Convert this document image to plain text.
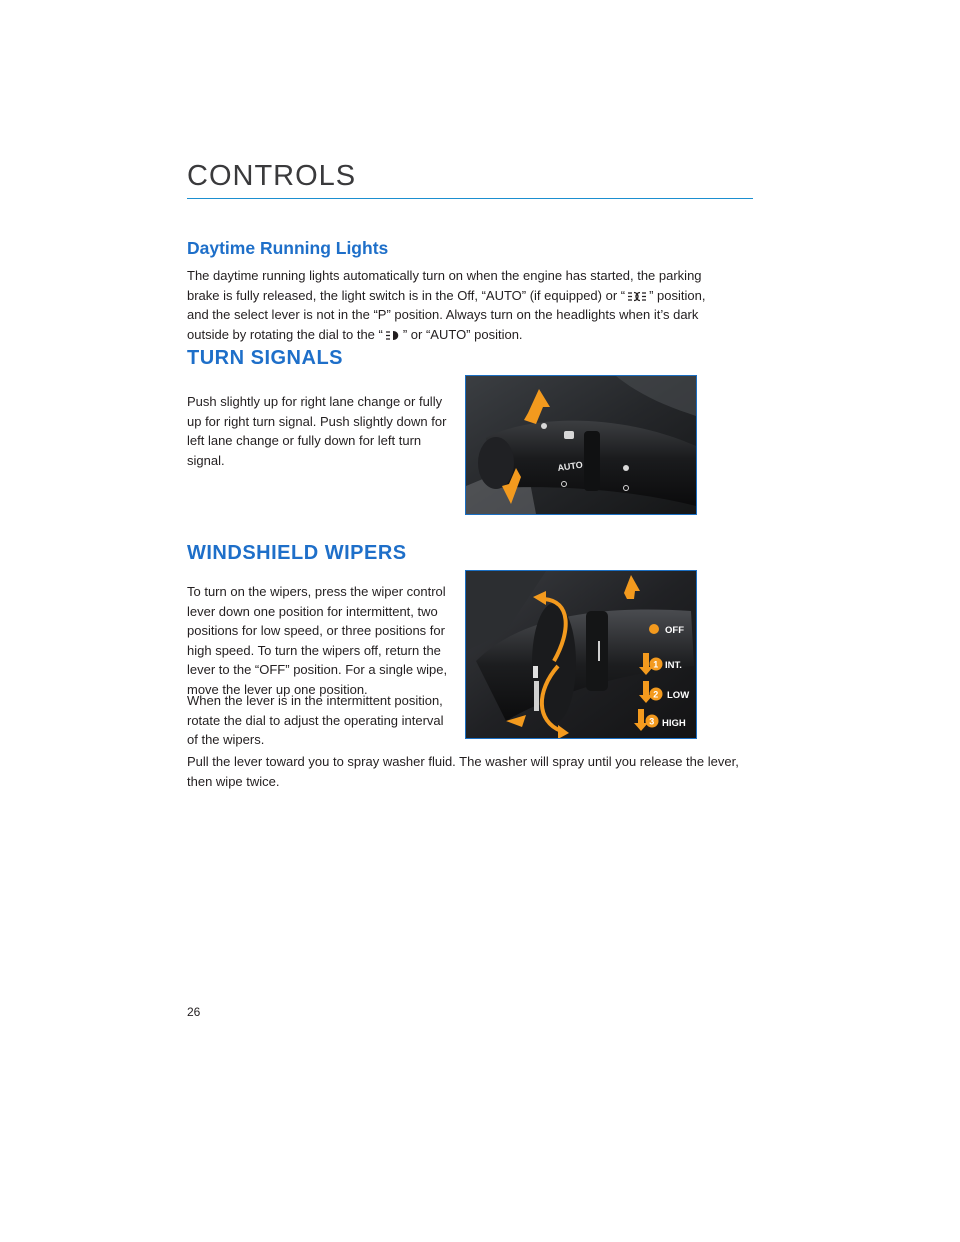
CONTROLS
Daytime Running Lights

The daytime running lights automatically turn on when the engine has started, the parking brake is fully released, the light switch is in the Off, “AUTO” (if equipped) or “ ” position, and the select lever is not in the “P” position. Always turn on the headlights when it’s dark outside by rotating the dial to the “ ” or “AUTO” position.

TURN SIGNALS

Push slightly up for right lane change or fully up for right turn signal. Push slightly down for left lane change or fully down for left turn signal.	AUTO
WINDSHIELD WIPERS

To turn on the wipers, press the wiper control lever down one position for intermittent, two positions for low speed, or three positions for high speed. To turn the wipers off, return the lever to the “OFF” position. For a single wipe, move the lever up one position.

When the lever is in the intermittent position, rotate the dial to adjust the operating interval of the wipers.

Pull the lever toward you to spray washer fluid. The washer will spray until you release the lever, then wipe twice.

OFF
1 INT.
2 LOW
3 HIGH
26
